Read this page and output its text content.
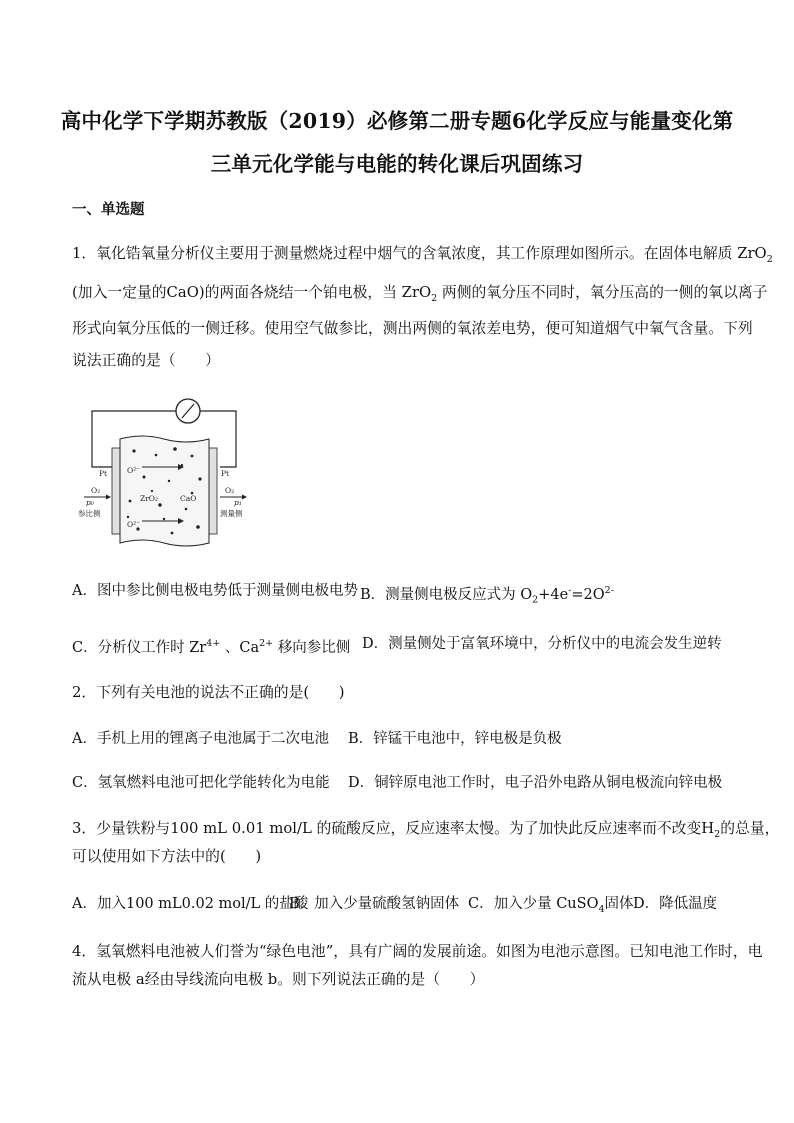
高中化学下学期苏教版（2019）必修第二册专题6化学反应与能量变化第
三单元化学能与电能的转化课后巩固练习
一、单选题
1．氧化锆氧量分析仪主要用于测量燃烧过程中烟气的含氧浓度，其工作原理如图所示。在固体电解质 ZrO$_2$
(加入一定量的CaO)的两面各烧结一个铂电极，当 ZrO$_2$ 两侧的氧分压不同时，氧分压高的一侧的氧以离子
形式向氧分压低的一侧迁移。使用空气做参比，测出两侧的氧浓差电势，便可知道烟气中氧气含量。下列
说法正确的是（　　）
Pt	Pt
O²⁻
O²⁻
ZrO₂	CaO
p₀	p₁
O₂	O₂
参比侧	测量侧
A．图中参比侧电极电势低于测量侧电极电势 B．测量侧电极反应式为 $O_2+4e^-=2O^{2-}$
C．分析仪工作时 $Zr^{4+}$ 、$Ca^{2+}$ 移向参比侧 D．测量侧处于富氧环境中，分析仪中的电流会发生逆转
2．下列有关电池的说法不正确的是(　　)
A．手机上用的锂离子电池属于二次电池 B．锌锰干电池中，锌电极是负极
C．氢氧燃料电池可把化学能转化为电能 D．铜锌原电池工作时，电子沿外电路从铜电极流向锌电极
3．少量铁粉与100 mL 0.01 mol/L 的硫酸反应，反应速率太慢。为了加快此反应速率而不改变$H_2$的总量，
可以使用如下方法中的(　　)
A．加入100 mL0.02 mol/L 的盐酸
B．加入少量硫酸氢钠固体 C．加入少量 CuSO$_4$固体 D．降低温度
4．氢氧燃料电池被人们誉为“绿色电池”，具有广阔的发展前途。如图为电池示意图。已知电池工作时，电
流从电极 a经由导线流向电极 b。则下列说法正确的是（　　）
